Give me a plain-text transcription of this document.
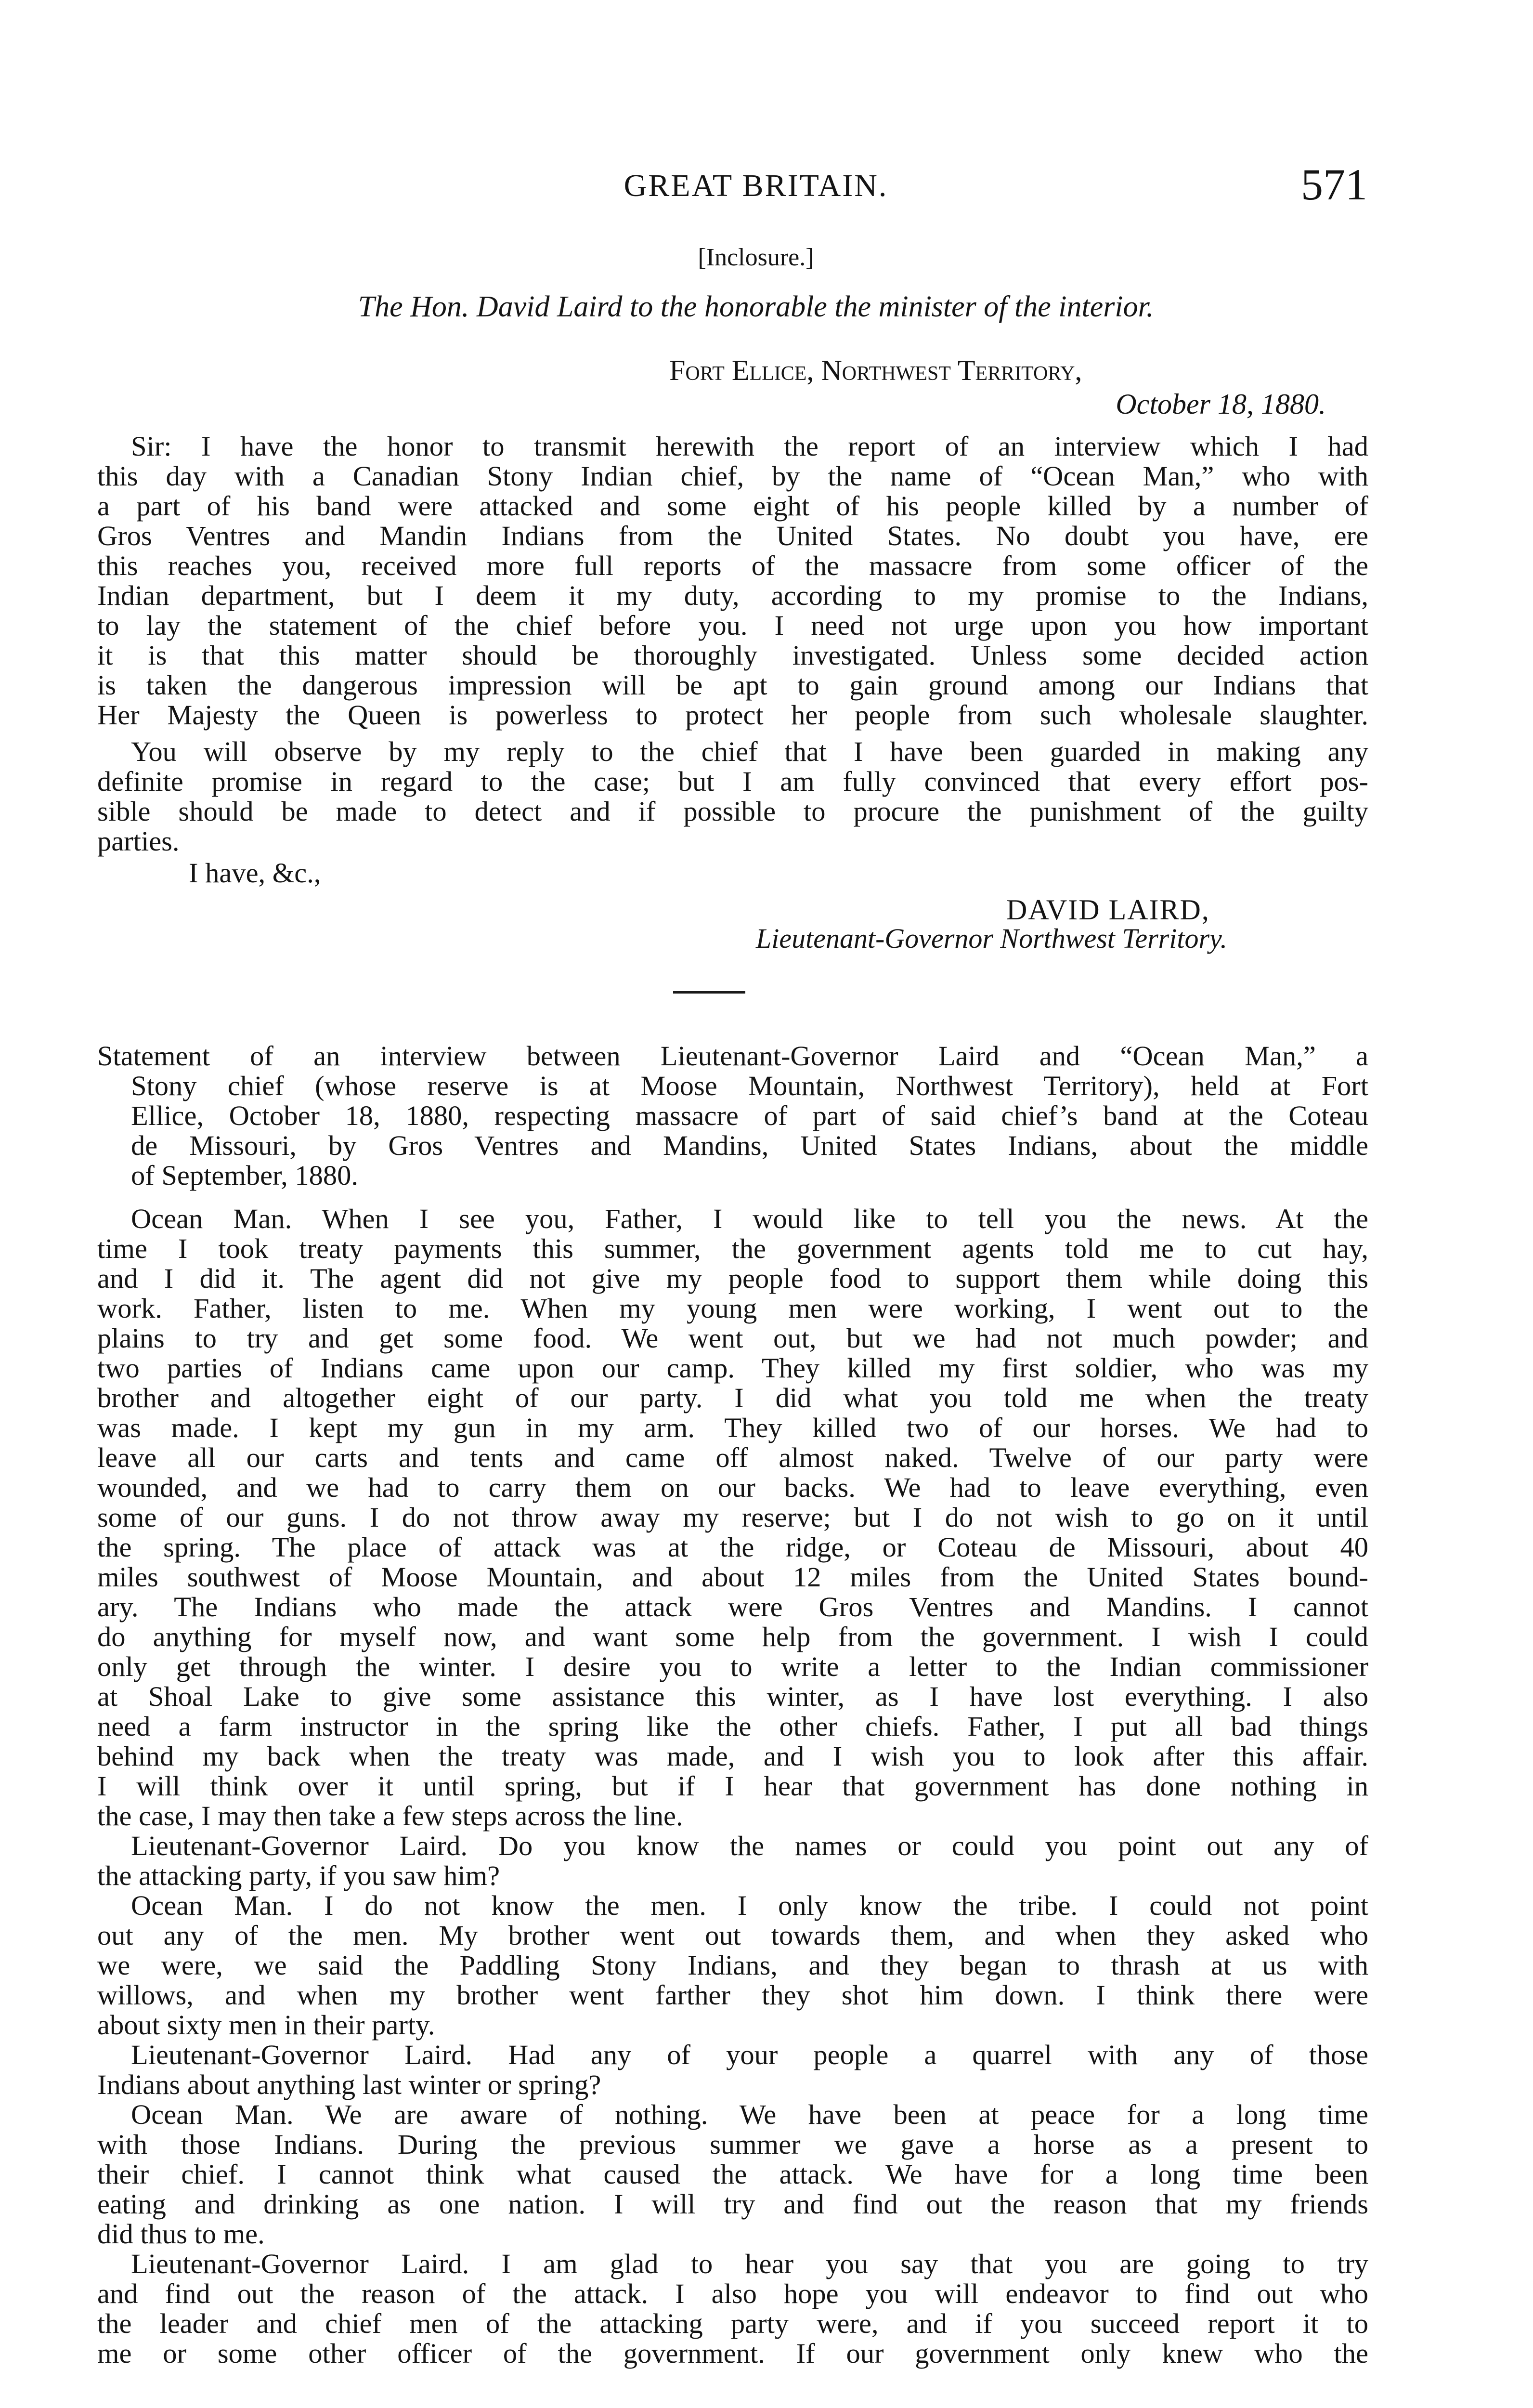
GREAT BRITAIN.	571
[Inclosure.]
The Hon. David Laird to the honorable the minister of the interior.
Fort Ellice, Northwest Territory,
October 18, 1880.
Sir: I have the honor to transmit herewith the report of an interview which I had
this day with a Canadian Stony Indian chief, by the name of “Ocean Man,” who with
a part of his band were attacked and some eight of his people killed by a number of
Gros Ventres and Mandin Indians from the United States. No doubt you have, ere
this reaches you, received more full reports of the massacre from some officer of the
Indian department, but I deem it my duty, according to my promise to the Indians,
to lay the statement of the chief before you. I need not urge upon you how important
it is that this matter should be thoroughly investigated. Unless some decided action
is taken the dangerous impression will be apt to gain ground among our Indians that
Her Majesty the Queen is powerless to protect her people from such wholesale slaughter.
You will observe by my reply to the chief that I have been guarded in making any
definite promise in regard to the case; but I am fully convinced that every effort pos-
sible should be made to detect and if possible to procure the punishment of the guilty
parties.
I have, &c.,
DAVID LAIRD,
Lieutenant-Governor Northwest Territory.
Statement of an interview between Lieutenant-Governor Laird and “Ocean Man,” a
Stony chief (whose reserve is at Moose Mountain, Northwest Territory), held at Fort
Ellice, October 18, 1880, respecting massacre of part of said chief’s band at the Coteau
de Missouri, by Gros Ventres and Mandins, United States Indians, about the middle
of September, 1880.
Ocean Man. When I see you, Father, I would like to tell you the news. At the
time I took treaty payments this summer, the government agents told me to cut hay,
and I did it. The agent did not give my people food to support them while doing this
work. Father, listen to me. When my young men were working, I went out to the
plains to try and get some food. We went out, but we had not much powder; and
two parties of Indians came upon our camp. They killed my first soldier, who was my
brother and altogether eight of our party. I did what you told me when the treaty
was made. I kept my gun in my arm. They killed two of our horses. We had to
leave all our carts and tents and came off almost naked. Twelve of our party were
wounded, and we had to carry them on our backs. We had to leave everything, even
some of our guns. I do not throw away my reserve; but I do not wish to go on it until
the spring. The place of attack was at the ridge, or Coteau de Missouri, about 40
miles southwest of Moose Mountain, and about 12 miles from the United States bound-
ary. The Indians who made the attack were Gros Ventres and Mandins. I cannot
do anything for myself now, and want some help from the government. I wish I could
only get through the winter. I desire you to write a letter to the Indian commissioner
at Shoal Lake to give some assistance this winter, as I have lost everything. I also
need a farm instructor in the spring like the other chiefs. Father, I put all bad things
behind my back when the treaty was made, and I wish you to look after this affair.
I will think over it until spring, but if I hear that government has done nothing in
the case, I may then take a few steps across the line.
Lieutenant-Governor Laird. Do you know the names or could you point out any of
the attacking party, if you saw him?
Ocean Man. I do not know the men. I only know the tribe. I could not point
out any of the men. My brother went out towards them, and when they asked who
we were, we said the Paddling Stony Indians, and they began to thrash at us with
willows, and when my brother went farther they shot him down. I think there were
about sixty men in their party.
Lieutenant-Governor Laird. Had any of your people a quarrel with any of those
Indians about anything last winter or spring?
Ocean Man. We are aware of nothing. We have been at peace for a long time
with those Indians. During the previous summer we gave a horse as a present to
their chief. I cannot think what caused the attack. We have for a long time been
eating and drinking as one nation. I will try and find out the reason that my friends
did thus to me.
Lieutenant-Governor Laird. I am glad to hear you say that you are going to try
and find out the reason of the attack. I also hope you will endeavor to find out who
the leader and chief men of the attacking party were, and if you succeed report it to
me or some other officer of the government. If our government only knew who the
